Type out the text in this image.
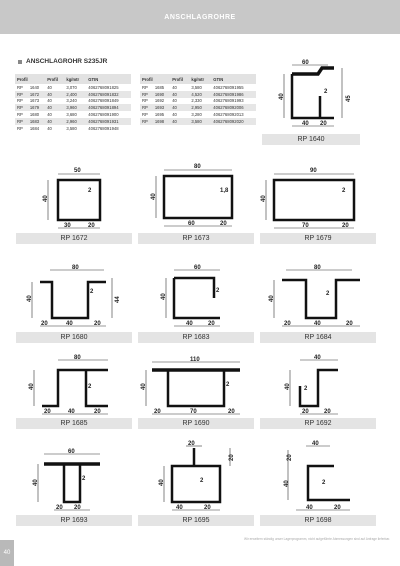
ANSCHLAGROHRE
ANSCHLAGROHR S235JR
Profil		Profil	kg/mtr	GTIN
RP	1640	40	3,070	4062768091825
RP	1672	40	2,400	4062768091832
RP	1673	40	3,240	4062768091849
RP	1679	40	3,960	4062768091894
RP	1680	40	3,680	4062768091900
RP	1683	40	2,960	4062768091931
RP	1684	40	3,580	4062768091948
Profil		Profil	kg/mtr	GTIN
RP	1685	40	3,580	4062768091955
RP	1690	40	4,520	4062768091986
RP	1692	40	2,330	4062768091993
RP	1693	40	2,950	4062768092006
RP	1695	40	3,280	4062768092013
RP	1698	40	3,580	4062768092020
60
40	45
2
40 20
RP 1640
50
40
2
30	20
RP 1672
80
40
1,8
60	20
RP 1673
90
40
2
70	20
RP 1679
80
40	44
2
20	40	20
RP 1680
60
40
2
40	20
RP 1683
80
40
2
20	40	20
RP 1684
80
40	2
20	40	20
RP 1685
110
40	2
20	70	20
RP 1690
40
40 2
20	20
RP 1692
60
40
2
20 20
RP 1693
20
40
20
2
40	20
RP 1695
40
20
40	2
40	20
RP 1698
Wir erweitern ständig unser Lagerprogramm, nicht aufgeführte Abmessungen sind auf Anfrage lieferbar.
40
